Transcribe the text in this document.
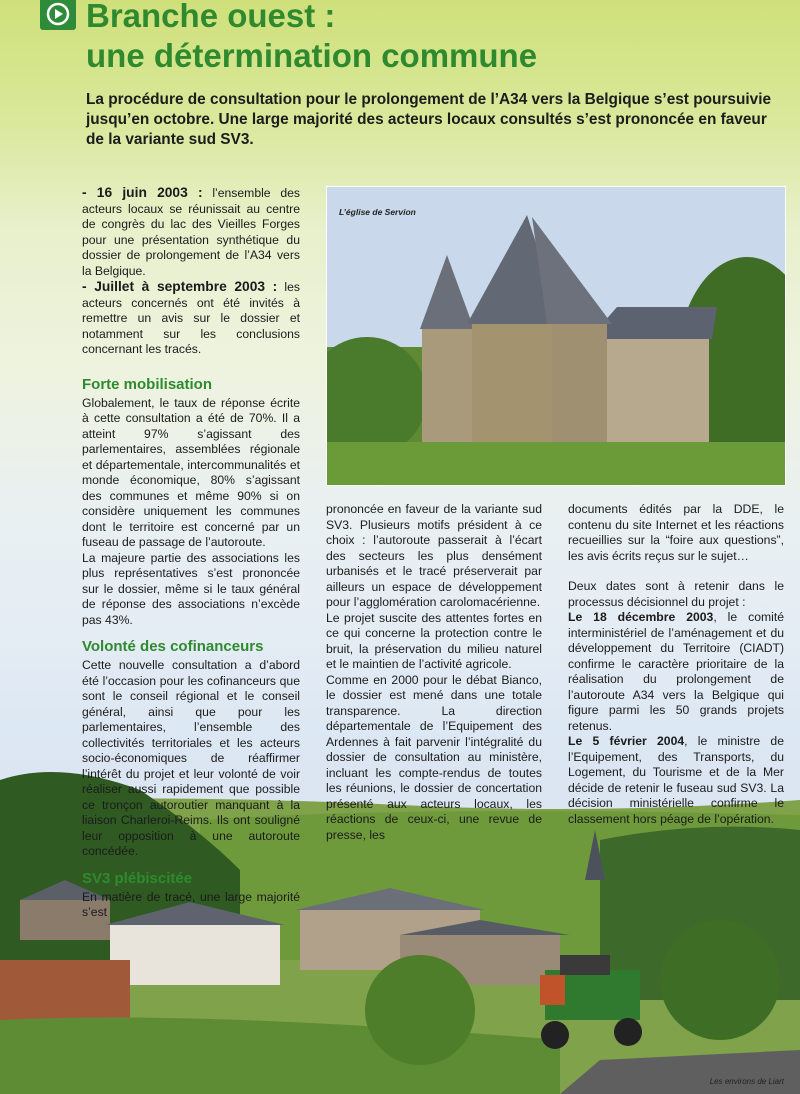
Branche ouest :
une détermination commune

La procédure de consultation pour le prolongement de l’A34 vers la Belgique s’est poursuivie jusqu’en octobre. Une large majorité des acteurs locaux consultés s’est prononcée en faveur de la variante sud SV3.

- 16 juin 2003 : l’ensemble des acteurs locaux se réunissait au centre de congrès du lac des Vieilles Forges pour une présentation synthétique du dossier de prolongement de l’A34 vers la Belgique.

- Juillet à septembre 2003 : les acteurs concernés ont été invités à remettre un avis sur le dossier et notamment sur les conclusions concernant les tracés.

Forte mobilisation

Globalement, le taux de réponse écrite à cette consultation a été de 70%. Il a atteint 97% s’agissant des parlementaires, assemblées régionale et départementale, intercommunalités et monde économique, 80% s’agissant des communes et même 90% si on considère uniquement les communes dont le territoire est concerné par un fuseau de passage de l’autoroute.

La majeure partie des associations les plus représentatives s’est prononcée sur le dossier, même si le taux général de réponse des associations n’excède pas 43%.

Volonté des cofinanceurs

Cette nouvelle consultation a d’abord été l’occasion pour les cofinanceurs que sont le conseil régional et le conseil général, ainsi que pour les parlementaires, l’ensemble des collectivités territoriales et les acteurs socio-économiques de réaffirmer l’intérêt du projet et leur volonté de voir réaliser aussi rapidement que possible ce tronçon autoroutier manquant à la liaison Charleroi-Reims. Ils ont souligné leur opposition à une autoroute concédée.

SV3 plébiscitée

En matière de tracé, une large majorité s’est

L’église de Servion

prononcée en faveur de la variante sud SV3. Plusieurs motifs président à ce choix : l’autoroute passerait à l’écart des secteurs les plus densément urbanisés et le tracé préserverait par ailleurs un espace de développement pour l’agglomération carolomacérienne.

Le projet suscite des attentes fortes en ce qui concerne la protection contre le bruit, la préservation du milieu naturel et le maintien de l’activité agricole.

Comme en 2000 pour le débat Bianco, le dossier est mené dans une totale transparence. La direction départementale de l’Equipement des Ardennes à fait parvenir l’intégralité du dossier de consultation au ministère, incluant les compte-rendus de toutes les réunions, le dossier de concertation présenté aux acteurs locaux, les réactions de ceux-ci, une revue de presse, les

documents édités par la DDE, le contenu du site Internet et les réactions recueillies sur la “foire aux questions”, les avis écrits reçus sur le sujet…

Deux dates sont à retenir dans le processus décisionnel du projet :

Le 18 décembre 2003, le comité interministériel de l’aménagement et du développement du Territoire (CIADT) confirme le caractère prioritaire de la réalisation du prolongement de l’autoroute A34 vers la Belgique qui figure parmi les 50 grands projets retenus.

Le 5 février 2004, le ministre de l’Equipement, des Transports, du Logement, du Tourisme et de la Mer décide de retenir le fuseau sud SV3. La décision ministérielle confirme le classement hors péage de l’opération.

Les environs de Liart
